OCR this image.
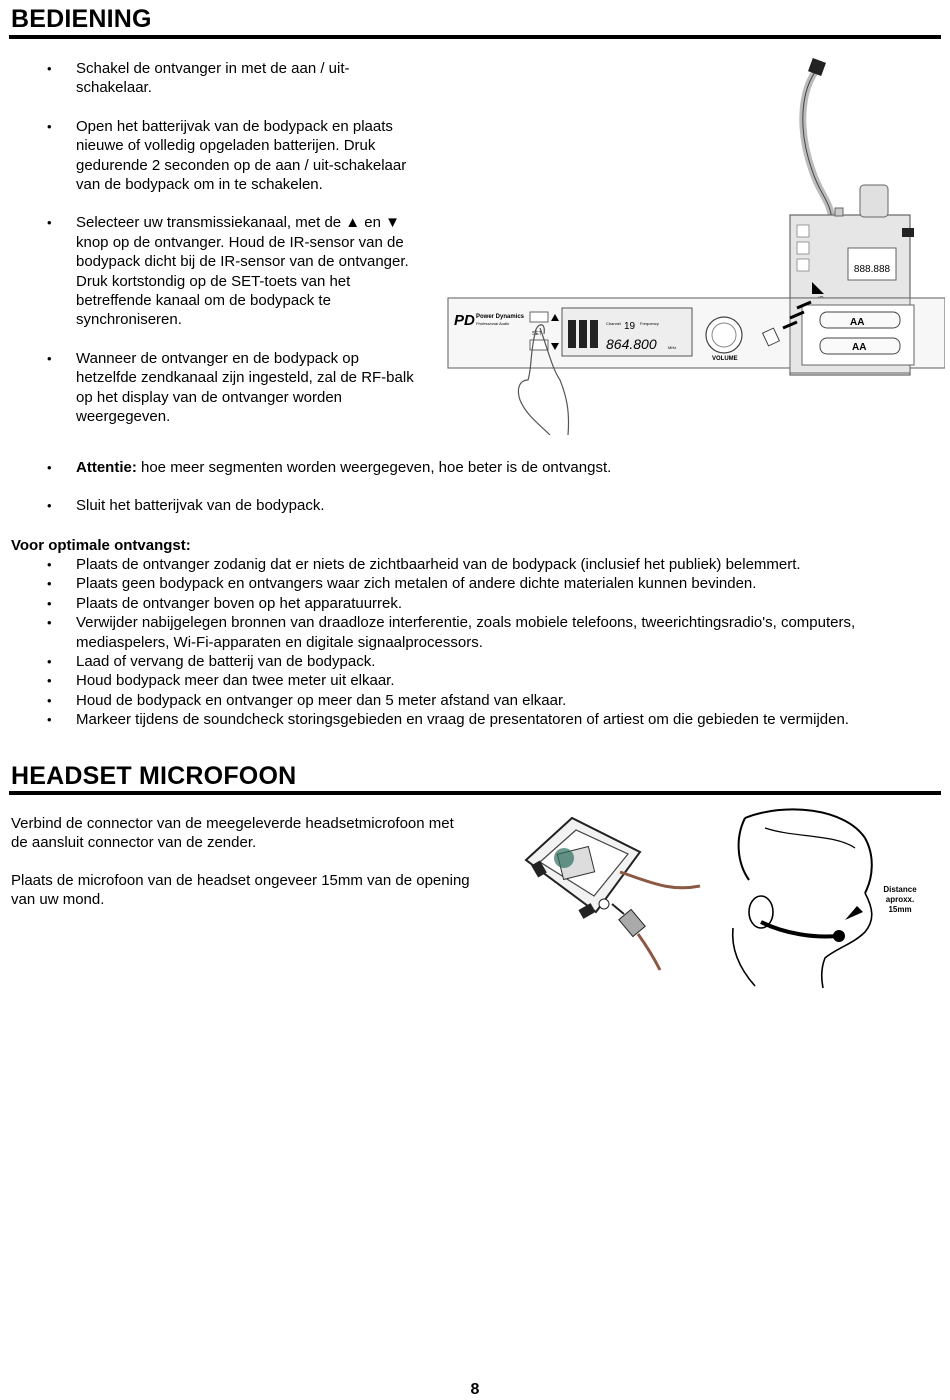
BEDIENING
• Schakel de ontvanger in met de aan / uit-schakelaar.
• Open het batterijvak van de bodypack en plaats nieuwe of volledig opgeladen batterijen. Druk gedurende 2 seconden op de aan / uit-schakelaar van de bodypack om in te schakelen.
• Selecteer uw transmissiekanaal, met de ▲ en ▼ knop op de ontvanger. Houd de IR-sensor van de bodypack dicht bij de IR-sensor van de ontvanger. Druk kortstondig op de SET-toets van het betreffende kanaal om de bodypack te synchroniseren.
• Wanneer de ontvanger en de bodypack op hetzelfde zendkanaal zijn ingesteld, zal de RF-balk op het display van de ontvanger worden weergegeven.
888.888
AA
AA
PD Power Dynamics
Professional Audio
SET
Channel 19 Frequency
864.800	MHz
VOLUME
• Attentie: hoe meer segmenten worden weergegeven, hoe beter is de ontvangst.
• Sluit het batterijvak van de bodypack.

Voor optimale ontvangst:

• Plaats de ontvanger zodanig dat er niets de zichtbaarheid van de bodypack (inclusief het publiek) belemmert.
• Plaats geen bodypack en ontvangers waar zich metalen of andere dichte materialen kunnen bevinden.
• Plaats de ontvanger boven op het apparatuurrek.
• Verwijder nabijgelegen bronnen van draadloze interferentie, zoals mobiele telefoons, tweerichtingsradio's, computers, mediaspelers, Wi-Fi-apparaten en digitale signaalprocessors.
• Laad of vervang de batterij van de bodypack.
• Houd bodypack meer dan twee meter uit elkaar.
• Houd de bodypack en ontvanger op meer dan 5 meter afstand van elkaar.
• Markeer tijdens de soundcheck storingsgebieden en vraag de presentatoren of artiest om die gebieden te vermijden.
HEADSET MICROFOON

Verbind de connector van de meegeleverde headsetmicrofoon met de aansluit connector van de zender.

Plaats de microfoon van de headset ongeveer 15mm van de opening van uw mond.

Distance
aproxx.
15mm
8
